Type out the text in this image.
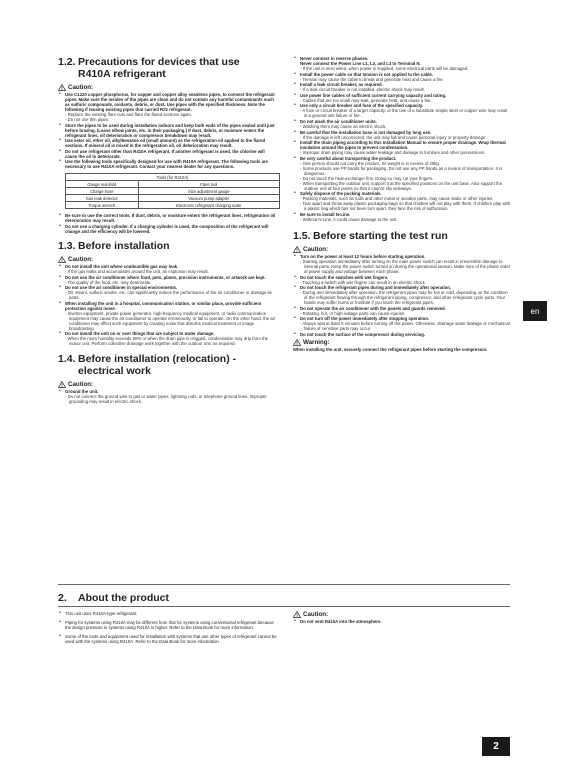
1.2. Precautions for devices that use
R410A refrigerant
Caution:
• Use C1220 copper phosphorus, for copper and copper alloy seamless pipes, to connect the refrigerant pipes. Make sure the insides of the pipes are clean and do not contain any harmful contaminants such as sulfuric compounds, oxidants, debris, or dust. Use pipes with the specified thickness. Note the following if reusing existing pipes that carried R22 refrigerant.
- Replace the existing flare nuts and flare the flared sections again.
- Do not use thin pipes.
• Store the pipes to be used during installation indoors and keep both ends of the pipes sealed until just before brazing. (Leave elbow joints, etc. in their packaging.) If dust, debris, or moisture enters the refrigerant lines, oil deterioration or compressor breakdown may result.
• Use ester oil, ether oil, alkylbenzene oil (small amount) as the refrigeration oil applied to the flared sections. If mineral oil is mixed in the refrigeration oil, oil deterioration may result.
• Do not use refrigerant other than R410A refrigerant. If another refrigerant is used, the chlorine will cause the oil to deteriorate.
• Use the following tools specifically designed for use with R410A refrigerant. The following tools are necessary to use R410A refrigerant. Contact your nearest dealer for any questions.
Tools (for R410A)	
Gauge manifold	Flare tool
Charge hose	Size adjustment gauge
Gas leak detector	Vacuum pump adapter
Torque wrench	Electronic refrigerant charging scale
• Be sure to use the correct tools. If dust, debris, or moisture enters the refrigerant lines, refrigeration oil deterioration may result.
• Do not use a charging cylinder. If a charging cylinder is used, the composition of the refrigerant will change and the efficiency will be lowered.
1.3. Before installation
Caution:
• Do not install the unit where combustible gas may leak.
- If the gas leaks and accumulates around the unit, an explosion may result.
• Do not use the air conditioner where food, pets, plants, precision instruments, or artwork are kept.
- The quality of the food, etc. may deteriorate.
• Do not use the air conditioner in special environments.
- Oil, steam, sulfuric smoke, etc. can significantly reduce the performance of the air conditioner or damage its parts.
• When installing the unit in a hospital, communication station, or similar place, provide sufficient protection against noise.
- Inverter equipment, private power generator, high-frequency medical equipment, or radio communication equipment may cause the air conditioner to operate erroneously, or fail to operate. On the other hand, the air conditioner may affect such equipment by creating noise that disturbs medical treatment or image broadcasting.
• Do not install the unit on or over things that are subject to water damage.
- When the room humidity exceeds 80% or when the drain pipe is clogged, condensation may drip from the indoor unit. Perform collective drainage work together with the outdoor unit, as required.
1.4. Before installation (relocation) -
electrical work
Caution:
• Ground the unit.
- Do not connect the ground wire to gas or water pipes, lightning rods, or telephone ground lines. Improper grounding may result in electric shock.
• Never connect in reverse phases.
Never connect the Power Line L1, L2, and L3 to Terminal N.
- If the unit is miss wired, when power is supplied, some electrical parts will be damaged.
• Install the power cable so that tension is not applied to the cable.
- Tension may cause the cable to break and generate heat and cause a fire.
• Install a leak circuit breaker, as required.
- If a leak circuit breaker is not installed, electric shock may result.
• Use power line cables of sufficient current carrying capacity and rating.
- Cables that are too small may leak, generate heat, and cause a fire.
• Use only a circuit breaker and fuse of the specified capacity.
- A fuse or circuit breaker of a larger capacity, or the use of a substitute simple steel or copper wire may result in a general unit failure or fire.
• Do not wash the air conditioner units.
- Washing them may cause an electric shock.
• Be careful that the installation base is not damaged by long use.
- If the damage is left uncorrected, the unit may fall and cause personal injury or property damage.
• Install the drain piping according to this Installation Manual to ensure proper drainage. Wrap thermal insulation around the pipes to prevent condensation.
- Improper drain piping may cause water leakage and damage to furniture and other possessions.
• Be very careful about transporting the product.
- One person should not carry the product. Its weight is in excess of 20kg.
- Some products use PP bands for packaging. Do not use any PP bands as a means of transportation. It is dangerous.
- Do not touch the heat exchanger fins. Doing so may cut your fingers.
- When transporting the outdoor unit, support it at the specified positions on the unit base. Also support the outdoor unit at four points so that it cannot slip sideways.
• Safely dispose of the packing materials.
- Packing materials, such as nails and other metal or wooden parts, may cause stabs or other injuries.
- Tear apart and throw away plastic packaging bags so that children will not play with them. If children play with a plastic bag which has not been torn apart, they face the risk of suffocation.
• Be sure to install N-Line.
- Without N-Line, it could cause damage to the unit.
1.5. Before starting the test run
Caution:
• Turn on the power at least 12 hours before starting operation.
- Starting operation immediately after turning on the main power switch can result in irreversible damage to internal parts. Keep the power switch turned on during the operational season. Make sure of the phase order of power supply and voltage between each phase.
• Do not touch the switches with wet fingers.
- Touching a switch with wet fingers can result in an electric shock.
• Do not touch the refrigerant pipes during and immediately after operation.
- During and immediately after operation, the refrigerant pipes may be hot or cold, depending on the condition of the refrigerant flowing through the refrigerant piping, compressor, and other refrigerant cycle parts. Your hands may suffer burns or frostbite if you touch the refrigerant pipes.
• Do not operate the air conditioner with the panels and guards removed.
- Rotating, hot, or high-voltage parts can cause injuries.
• Do not turn off the power immediately after stopping operation.
- Always wait at least 5 minutes before turning off the power. Otherwise, drainage water leakage or mechanical failure of sensitive parts may occur.
• Do not touch the surface of the compressor during servicing.
Warning:
When installing the unit, securely connect the refrigerant pipes before starting the compressor.
en
2. About the product
• This unit uses R410A-type refrigerant.
• Piping for systems using R410A may be different from that for systems using conventional refrigerant because the design pressure in systems using R410A is higher. Refer to the Data Book for more information.
• Some of the tools and equipment used for installation with systems that use other types of refrigerant cannot be used with the systems using R410A. Refer to the Data Book for more information.
Caution:
• Do not vent R410A into the atmosphere.
2
